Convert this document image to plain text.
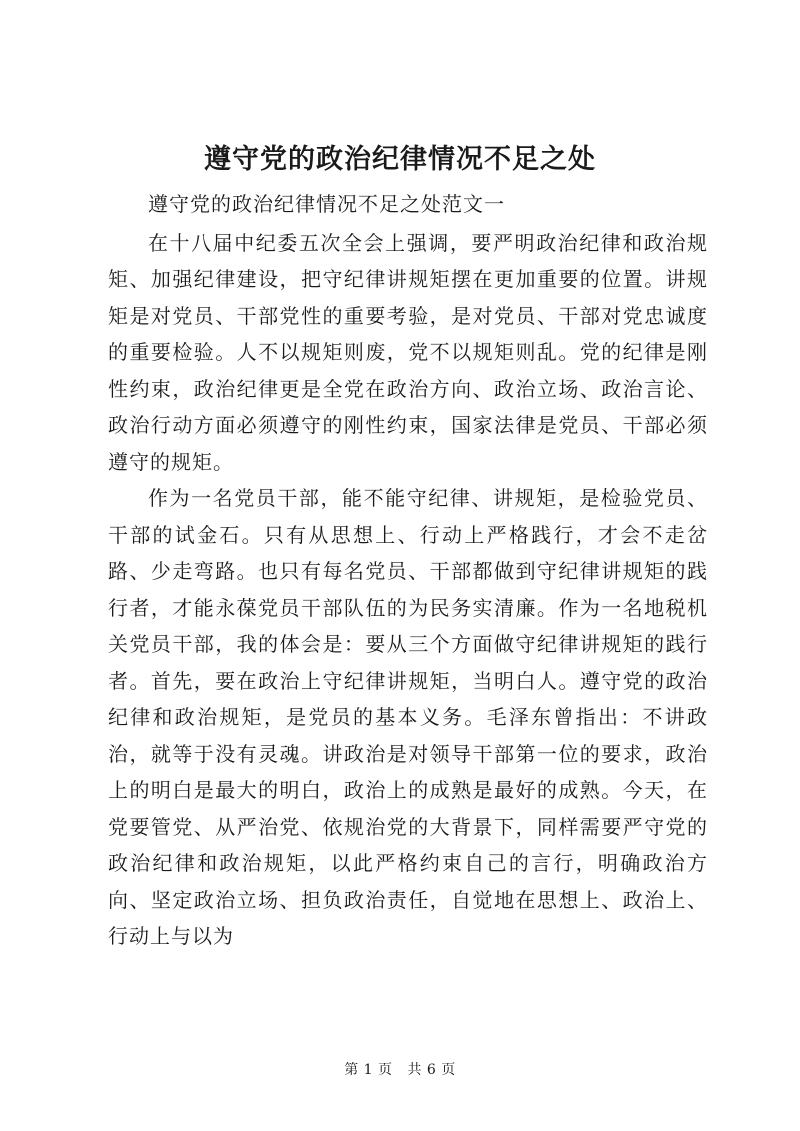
遵守党的政治纪律情况不足之处

遵守党的政治纪律情况不足之处范文一

在十八届中纪委五次全会上强调，要严明政治纪律和政治规矩、加强纪律建设，把守纪律讲规矩摆在更加重要的位置。讲规矩是对党员、干部党性的重要考验，是对党员、干部对党忠诚度的重要检验。人不以规矩则废，党不以规矩则乱。党的纪律是刚性约束，政治纪律更是全党在政治方向、政治立场、政治言论、政治行动方面必须遵守的刚性约束，国家法律是党员、干部必须遵守的规矩。

作为一名党员干部，能不能守纪律、讲规矩，是检验党员、干部的试金石。只有从思想上、行动上严格践行，才会不走岔路、少走弯路。也只有每名党员、干部都做到守纪律讲规矩的践行者，才能永葆党员干部队伍的为民务实清廉。作为一名地税机关党员干部，我的体会是：要从三个方面做守纪律讲规矩的践行者。首先，要在政治上守纪律讲规矩，当明白人。遵守党的政治纪律和政治规矩，是党员的基本义务。毛泽东曾指出：不讲政治，就等于没有灵魂。讲政治是对领导干部第一位的要求，政治上的明白是最大的明白，政治上的成熟是最好的成熟。今天，在党要管党、从严治党、依规治党的大背景下，同样需要严守党的政治纪律和政治规矩，以此严格约束自己的言行，明确政治方向、坚定政治立场、担负政治责任，自觉地在思想上、政治上、行动上与以为

第 1 页 共 6 页
